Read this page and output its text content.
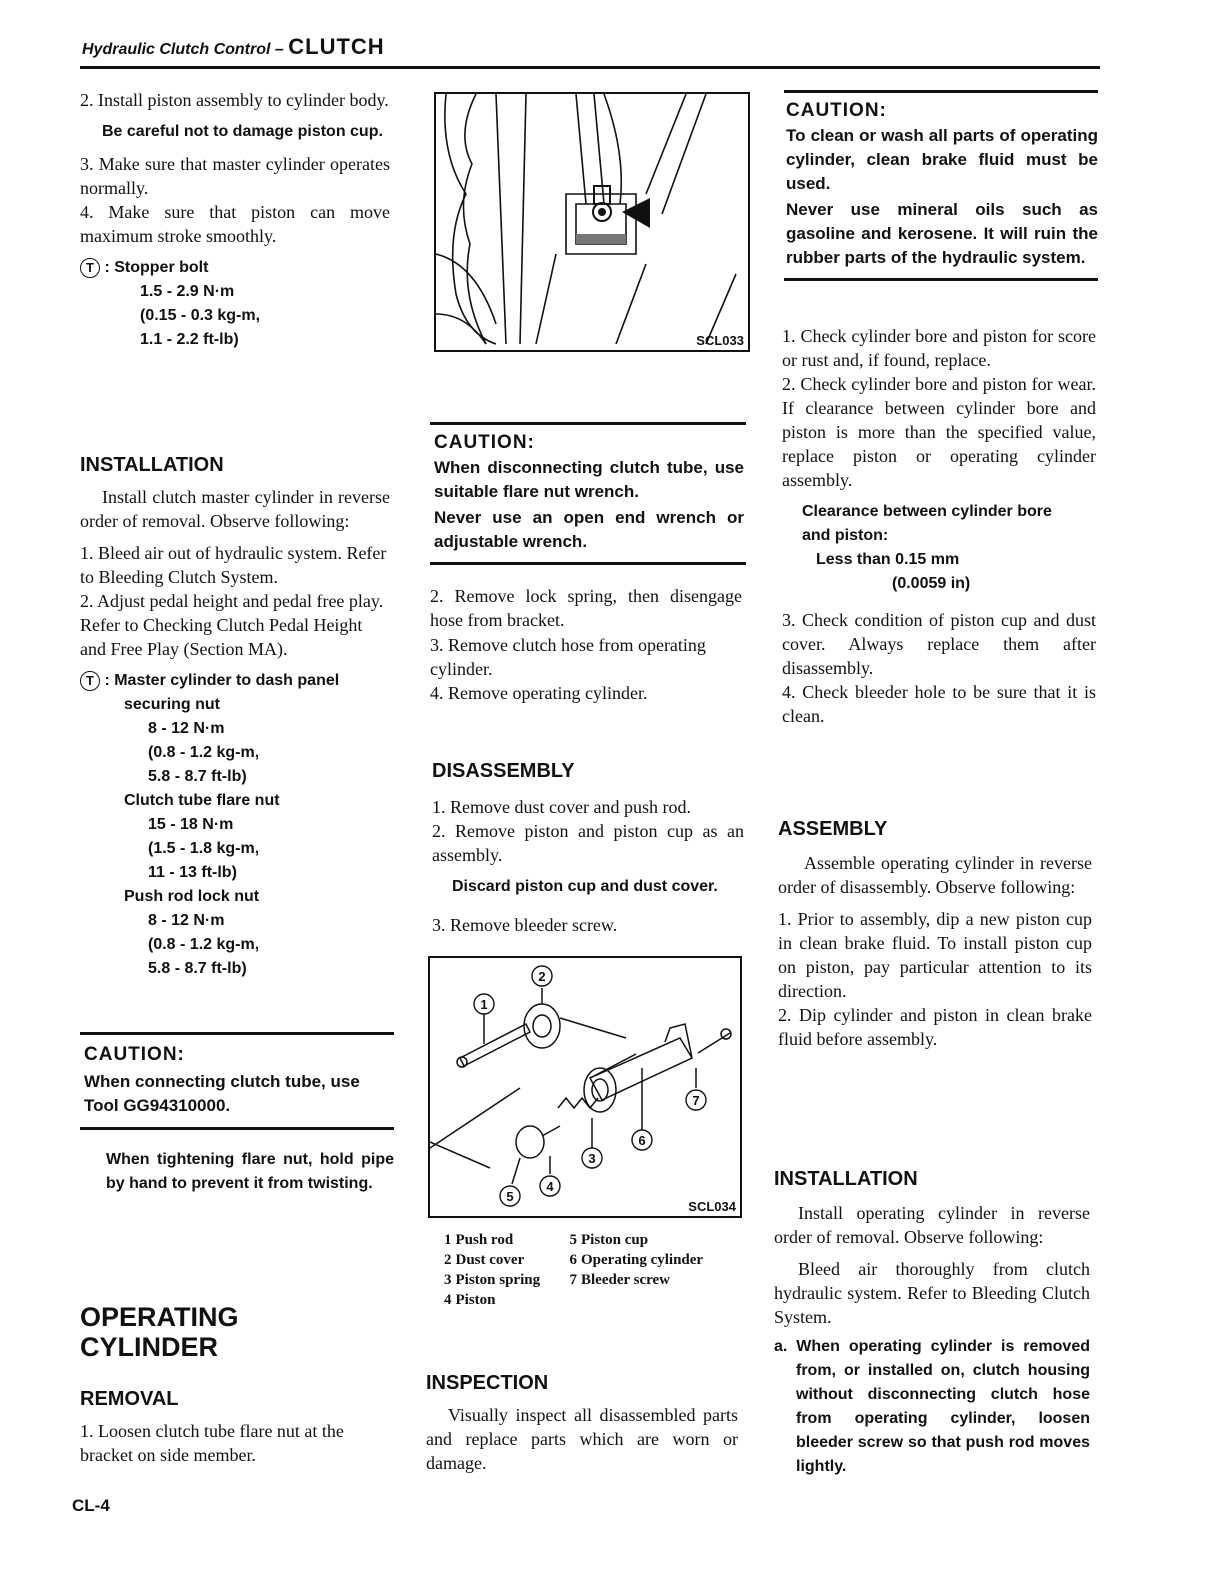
Hydraulic Clutch Control – CLUTCH

2. Install piston assembly to cylinder body.

Be careful not to damage piston cup.

3. Make sure that master cylinder operates normally.

4. Make sure that piston can move maximum stroke smoothly.

T : Stopper bolt
1.5 - 2.9 N·m
(0.15 - 0.3 kg-m,
1.1 - 2.2 ft-lb)
INSTALLATION

Install clutch master cylinder in reverse order of removal. Observe following:

1. Bleed air out of hydraulic system. Refer to Bleeding Clutch System.

2. Adjust pedal height and pedal free play. Refer to Checking Clutch Pedal Height and Free Play (Section MA).

T : Master cylinder to dash panel
securing nut
8 - 12 N·m
(0.8 - 1.2 kg-m,
5.8 - 8.7 ft-lb)
Clutch tube flare nut
15 - 18 N·m
(1.5 - 1.8 kg-m,
11 - 13 ft-lb)
Push rod lock nut
8 - 12 N·m
(0.8 - 1.2 kg-m,
5.8 - 8.7 ft-lb)
CAUTION:
When connecting clutch tube, use Tool GG94310000.

When tightening flare nut, hold pipe by hand to prevent it from twisting.

OPERATING
CYLINDER
REMOVAL

1. Loosen clutch tube flare nut at the bracket on side member.

SCL033
CAUTION:
When disconnecting clutch tube, use suitable flare nut wrench.
Never use an open end wrench or adjustable wrench.

2. Remove lock spring, then disengage hose from bracket.

3. Remove clutch hose from operating cylinder.

4. Remove operating cylinder.

DISASSEMBLY

1. Remove dust cover and push rod.

2. Remove piston and piston cup as an assembly.

Discard piston cup and dust cover.

3. Remove bleeder screw.

1
2
3
4
5
6
7
SCL034
1	Push rod	5	Piston cup
2	Dust cover	6	Operating cylinder
3	Piston spring	7	Bleeder screw
4	Piston		
INSPECTION

Visually inspect all disassembled parts and replace parts which are worn or damage.

CAUTION:
To clean or wash all parts of operating cylinder, clean brake fluid must be used.
Never use mineral oils such as gasoline and kerosene. It will ruin the rubber parts of the hydraulic system.

1. Check cylinder bore and piston for score or rust and, if found, replace.

2. Check cylinder bore and piston for wear. If clearance between cylinder bore and piston is more than the specified value, replace piston or operating cylinder assembly.

Clearance between cylinder bore
and piston:
Less than 0.15 mm
(0.0059 in)

3. Check condition of piston cup and dust cover. Always replace them after disassembly.

4. Check bleeder hole to be sure that it is clean.

ASSEMBLY

Assemble operating cylinder in reverse order of disassembly. Observe following:

1. Prior to assembly, dip a new piston cup in clean brake fluid. To install piston cup on piston, pay particular attention to its direction.

2. Dip cylinder and piston in clean brake fluid before assembly.

INSTALLATION

Install operating cylinder in reverse order of removal. Observe following:

Bleed air thoroughly from clutch hydraulic system. Refer to Bleeding Clutch System.

a. When operating cylinder is removed from, or installed on, clutch housing without disconnecting clutch hose from operating cylinder, loosen bleeder screw so that push rod moves lightly.

CL-4
